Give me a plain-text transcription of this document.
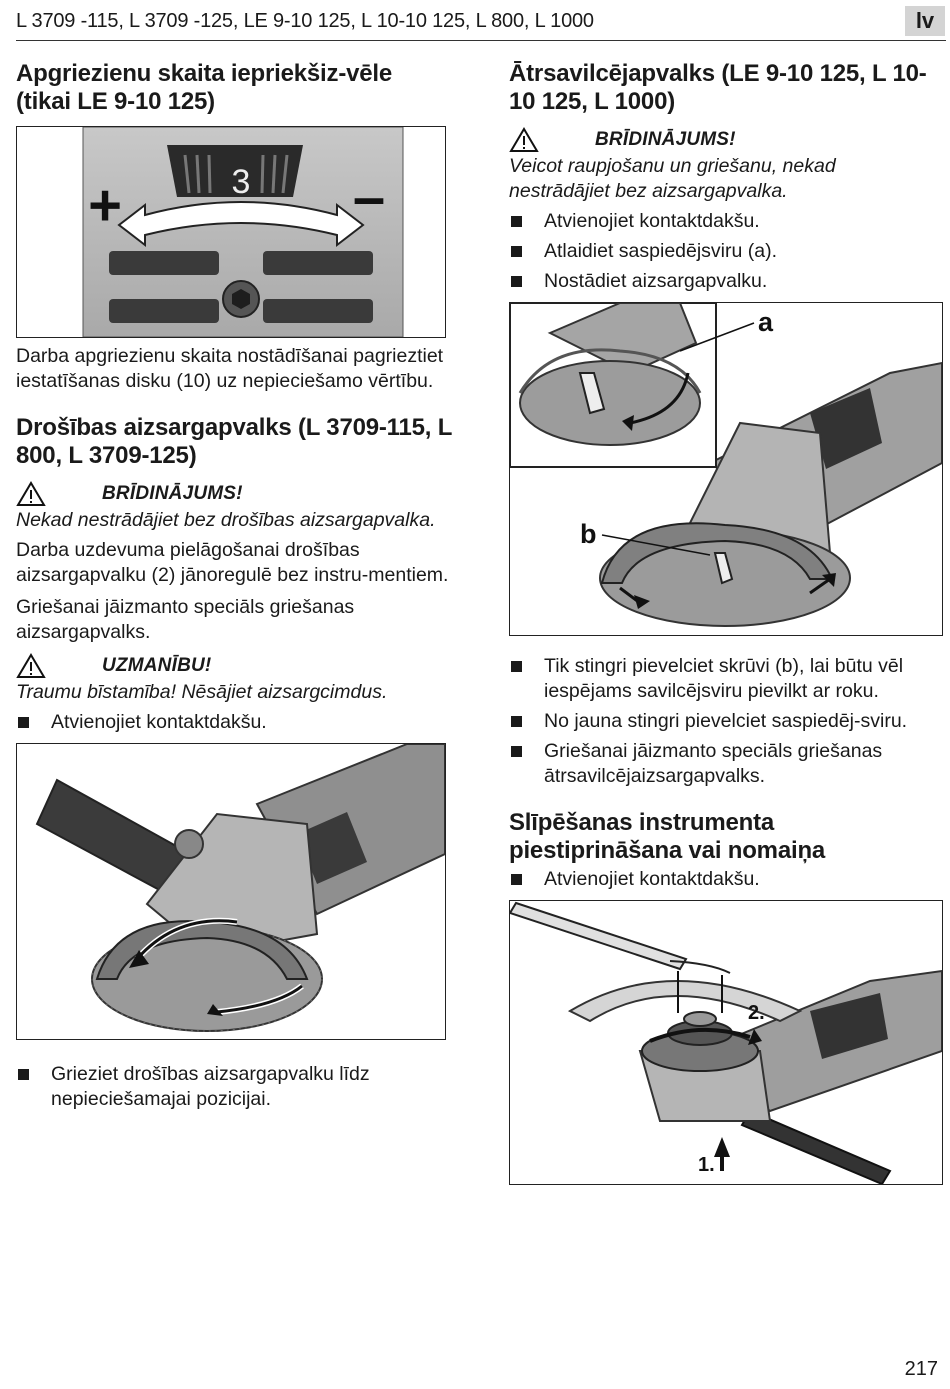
L 3709 -115, L 3709 -125, LE 9-10 125, L 10-10 125, L 800, L 1000	lv
Apgriezienu skaita iepriekšiz-vēle (tikai LE 9-10 125)
3
+	–

Darba apgriezienu skaita nostādīšanai pagrieztiet iestatīšanas disku (10) uz nepieciešamo vērtību.

Drošības aizsargapvalks (L 3709-115, L 800, L 3709-125)
BRĪDINĀJUMS!
Nekad nestrādājiet bez drošības aizsargapvalka.

Darba uzdevuma pielāgošanai drošības aizsargapvalku (2) jānoregulē bez instru-mentiem.

Griešanai jāizmanto speciāls griešanas aizsargapvalks.

UZMANĪBU!
Traumu bīstamība! Nēsājiet aizsargcimdus.
Atvienojiet kontaktdakšu.
Grieziet drošības aizsargapvalku līdz nepieciešamajai pozicijai.
Ātrsavilcējapvalks (LE 9-10 125, L 10-10 125, L 1000)
BRĪDINĀJUMS!
Veicot raupjošanu un griešanu, nekad nestrādājiet bez aizsargapvalka.
Atvienojiet kontaktdakšu.
Atlaidiet saspiedējsviru (a).
Nostādiet aizsargapvalku.
a
b
Tik stingri pievelciet skrūvi (b), lai būtu vēl iespējams savilcējsviru pievilkt ar roku.
No jauna stingri pievelciet saspiedēj-sviru.
Griešanai jāizmanto speciāls griešanas ātrsavilcējaizsargapvalks.
Slīpēšanas instrumenta piestiprināšana vai nomaiņa
Atvienojiet kontaktdakšu.
2.
1.
217
